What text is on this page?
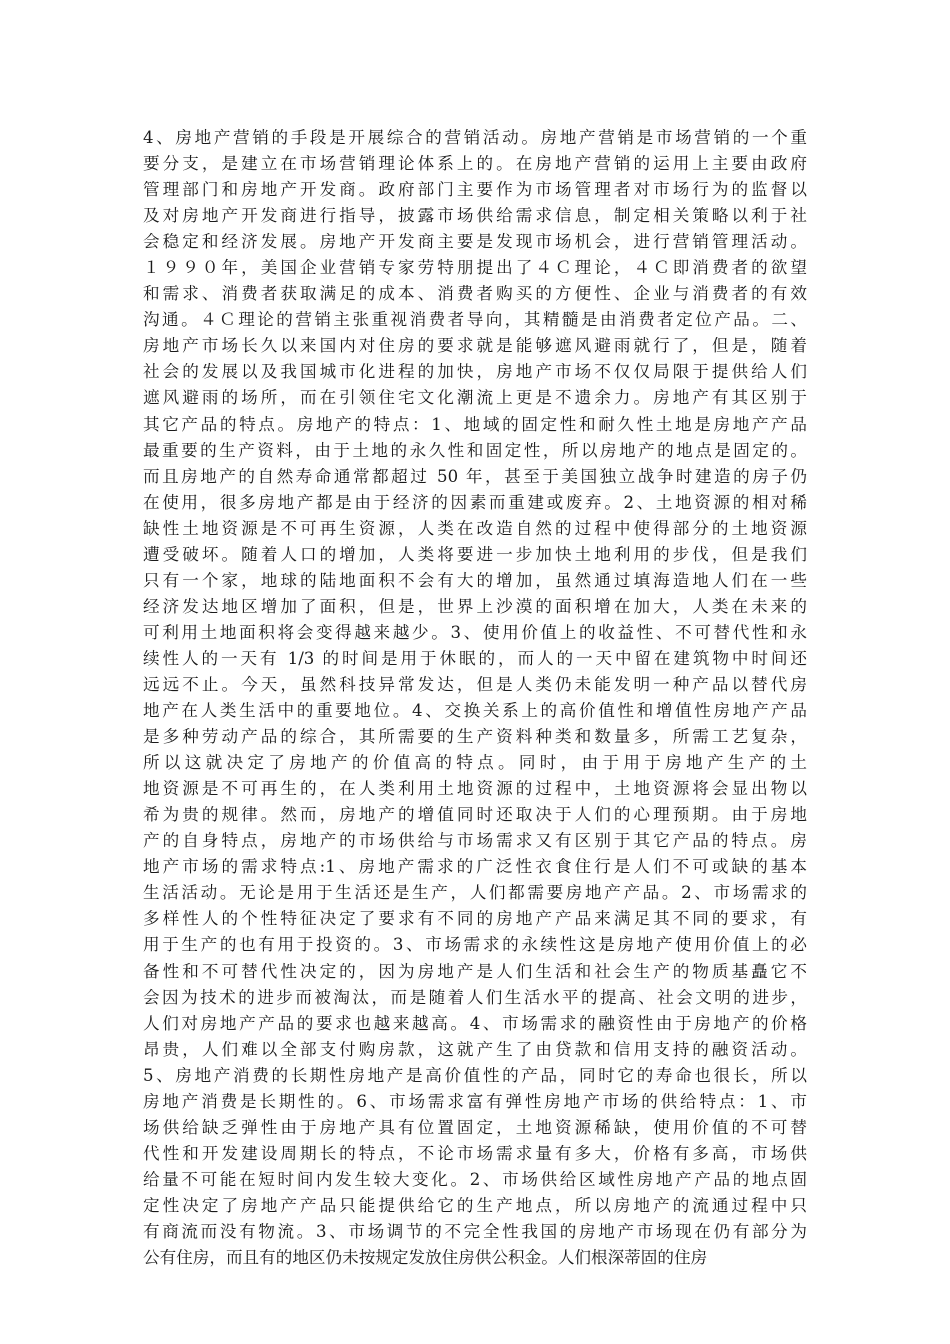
4、房地产营销的手段是开展综合的营销活动。房地产营销是市场营销的一个重
要分支，是建立在市场营销理论体系上的。在房地产营销的运用上主要由政府
管理部门和房地产开发商。政府部门主要作为市场管理者对市场行为的监督以
及对房地产开发商进行指导，披露市场供给需求信息，制定相关策略以利于社
会稳定和经济发展。房地产开发商主要是发现市场机会，进行营销管理活动。
１９９０年，美国企业营销专家劳特朋提出了４Ｃ理论，４Ｃ即消费者的欲望
和需求、消费者获取满足的成本、消费者购买的方便性、企业与消费者的有效
沟通。４Ｃ理论的营销主张重视消费者导向，其精髓是由消费者定位产品。二、
房地产市场长久以来国内对住房的要求就是能够遮风避雨就行了，但是，随着
社会的发展以及我国城市化进程的加快，房地产市场不仅仅局限于提供给人们
遮风避雨的场所，而在引领住宅文化潮流上更是不遗余力。房地产有其区别于
其它产品的特点。房地产的特点：1、地域的固定性和耐久性土地是房地产产品
最重要的生产资料，由于土地的永久性和固定性，所以房地产的地点是固定的。
而且房地产的自然寿命通常都超过 50 年，甚至于美国独立战争时建造的房子仍
在使用，很多房地产都是由于经济的因素而重建或废弃。2、土地资源的相对稀
缺性土地资源是不可再生资源，人类在改造自然的过程中使得部分的土地资源
遭受破坏。随着人口的增加，人类将要进一步加快土地利用的步伐，但是我们
只有一个家，地球的陆地面积不会有大的增加，虽然通过填海造地人们在一些
经济发达地区增加了面积，但是，世界上沙漠的面积增在加大，人类在未来的
可利用土地面积将会变得越来越少。3、使用价值上的收益性、不可替代性和永
续性人的一天有 1/3 的时间是用于休眠的，而人的一天中留在建筑物中时间还
远远不止。今天，虽然科技异常发达，但是人类仍未能发明一种产品以替代房
地产在人类生活中的重要地位。4、交换关系上的高价值性和增值性房地产产品
是多种劳动产品的综合，其所需要的生产资料种类和数量多，所需工艺复杂，
所以这就决定了房地产的价值高的特点。同时，由于用于房地产生产的土
地资源是不可再生的，在人类利用土地资源的过程中，土地资源将会显出物以
希为贵的规律。然而，房地产的增值同时还取决于人们的心理预期。由于房地
产的自身特点，房地产的市场供给与市场需求又有区别于其它产品的特点。房
地产市场的需求特点:1、房地产需求的广泛性衣食住行是人们不可或缺的基本
生活活动。无论是用于生活还是生产，人们都需要房地产产品。2、市场需求的
多样性人的个性特征决定了要求有不同的房地产产品来满足其不同的要求，有
用于生产的也有用于投资的。3、市场需求的永续性这是房地产使用价值上的必
备性和不可替代性决定的，因为房地产是人们生活和社会生产的物质基矗它不
会因为技术的进步而被淘汰，而是随着人们生活水平的提高、社会文明的进步，
人们对房地产产品的要求也越来越高。4、市场需求的融资性由于房地产的价格
昂贵，人们难以全部支付购房款，这就产生了由贷款和信用支持的融资活动。
5、房地产消费的长期性房地产是高价值性的产品，同时它的寿命也很长，所以
房地产消费是长期性的。6、市场需求富有弹性房地产市场的供给特点：1、市
场供给缺乏弹性由于房地产具有位置固定，土地资源稀缺，使用价值的不可替
代性和开发建设周期长的特点，不论市场需求量有多大，价格有多高，市场供
给量不可能在短时间内发生较大变化。2、市场供给区域性房地产产品的地点固
定性决定了房地产产品只能提供给它的生产地点，所以房地产的流通过程中只
有商流而没有物流。3、市场调节的不完全性我国的房地产市场现在仍有部分为
公有住房，而且有的地区仍未按规定发放住房供公积金。人们根深蒂固的住房
